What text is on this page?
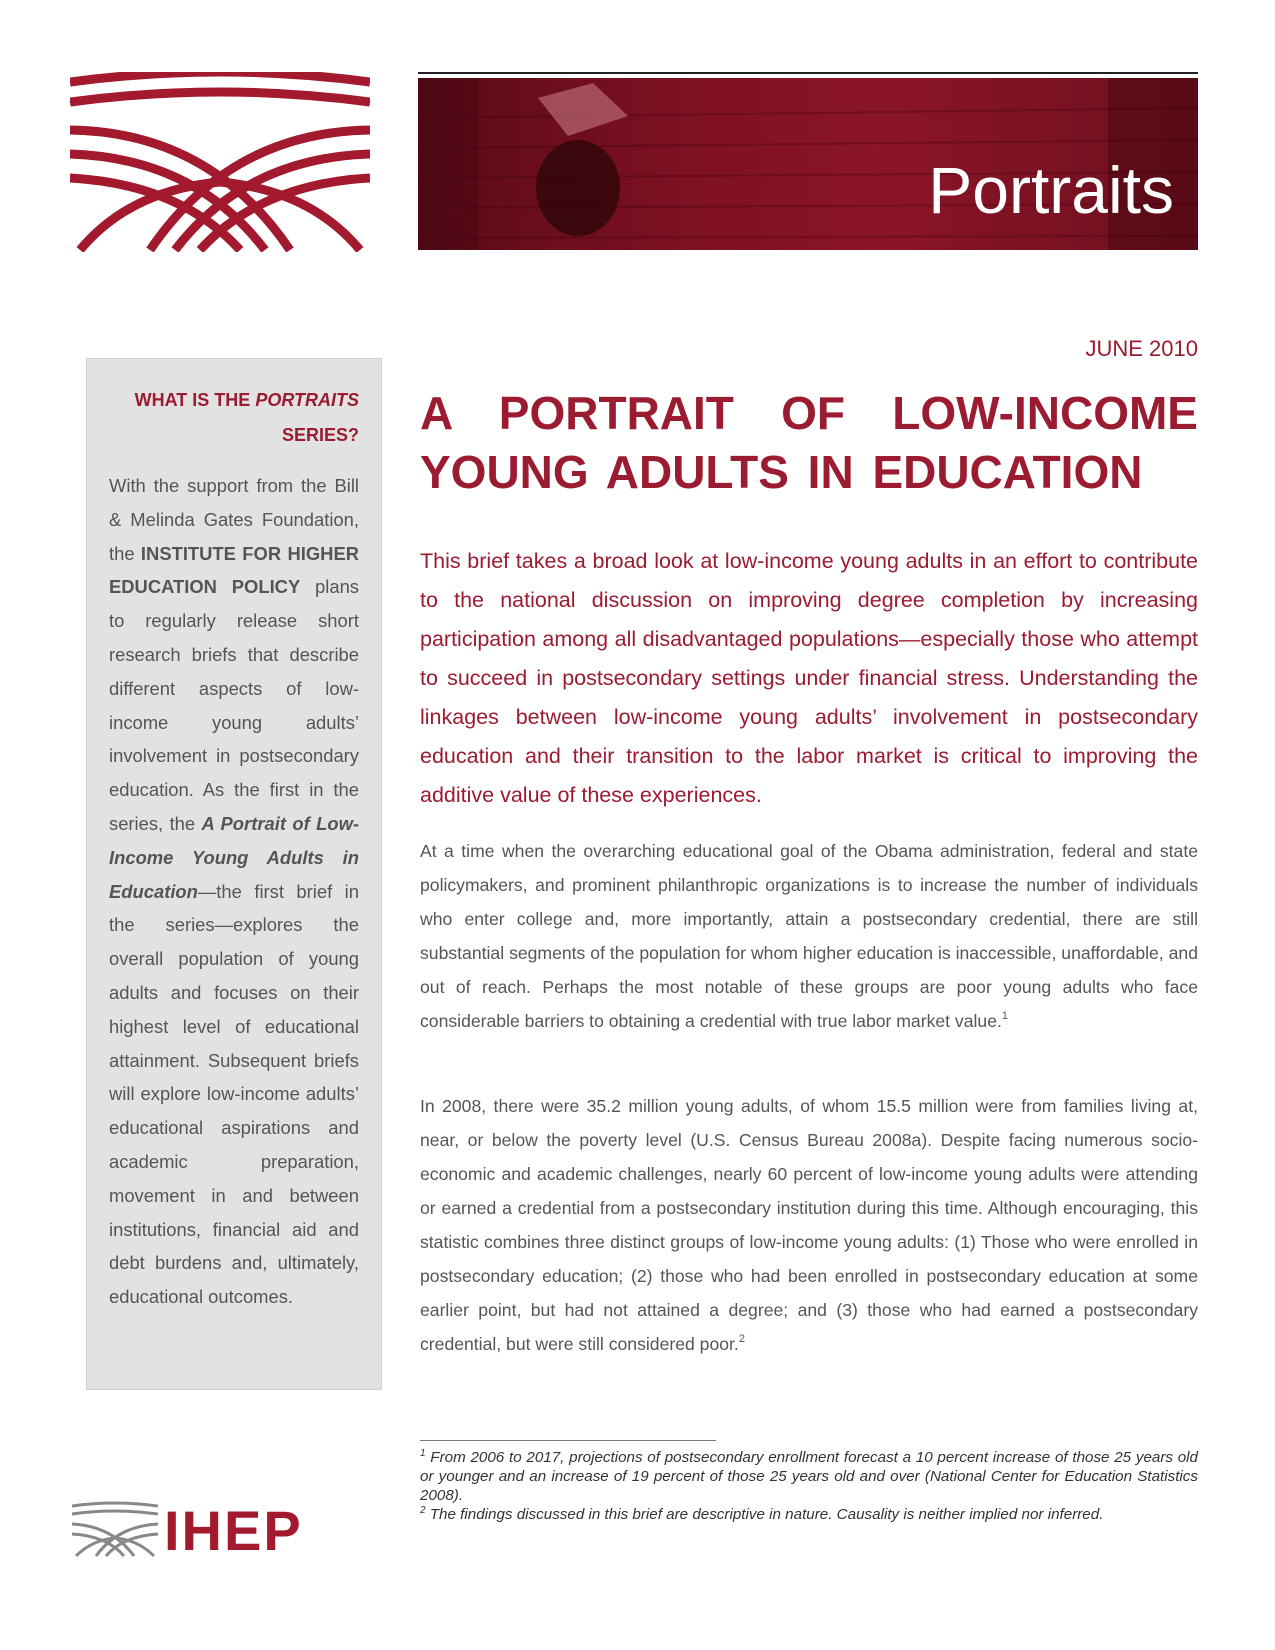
Portraits
JUNE 2010
WHAT IS THE PORTRAITS SERIES?
With the support from the Bill & Melinda Gates Foundation, the INSTITUTE FOR HIGHER EDUCATION POLICY plans to regularly release short research briefs that describe different aspects of low-income young adults’ involvement in postsecondary education. As the first in the series, the A Portrait of Low-Income Young Adults in Education—the first brief in the series—explores the overall population of young adults and focuses on their highest level of educational attainment. Subsequent briefs will explore low-income adults’ educational aspirations and academic preparation, movement in and between institutions, financial aid and debt burdens and, ultimately, educational outcomes.
A PORTRAIT OF LOW-INCOME YOUNG ADULTS IN EDUCATION
This brief takes a broad look at low-income young adults in an effort to contribute to the national discussion on improving degree completion by increasing participation among all disadvantaged populations—especially those who attempt to succeed in postsecondary settings under financial stress. Understanding the linkages between low-income young adults’ involvement in postsecondary education and their transition to the labor market is critical to improving the additive value of these experiences.
At a time when the overarching educational goal of the Obama administration, federal and state policymakers, and prominent philanthropic organizations is to increase the number of individuals who enter college and, more importantly, attain a postsecondary credential, there are still substantial segments of the population for whom higher education is inaccessible, unaffordable, and out of reach. Perhaps the most notable of these groups are poor young adults who face considerable barriers to obtaining a credential with true labor market value.$^1$
In 2008, there were 35.2 million young adults, of whom 15.5 million were from families living at, near, or below the poverty level (U.S. Census Bureau 2008a). Despite facing numerous socio-economic and academic challenges, nearly 60 percent of low-income young adults were attending or earned a credential from a postsecondary institution during this time. Although encouraging, this statistic combines three distinct groups of low-income young adults: (1) Those who were enrolled in postsecondary education; (2) those who had been enrolled in postsecondary education at some earlier point, but had not attained a degree; and (3) those who had earned a postsecondary credential, but were still considered poor.$^2$
$^1$ From 2006 to 2017, projections of postsecondary enrollment forecast a 10 percent increase of those 25 years old or younger and an increase of 19 percent of those 25 years old and over (National Center for Education Statistics 2008).
$^2$ The findings discussed in this brief are descriptive in nature. Causality is neither implied nor inferred.
IHEP
